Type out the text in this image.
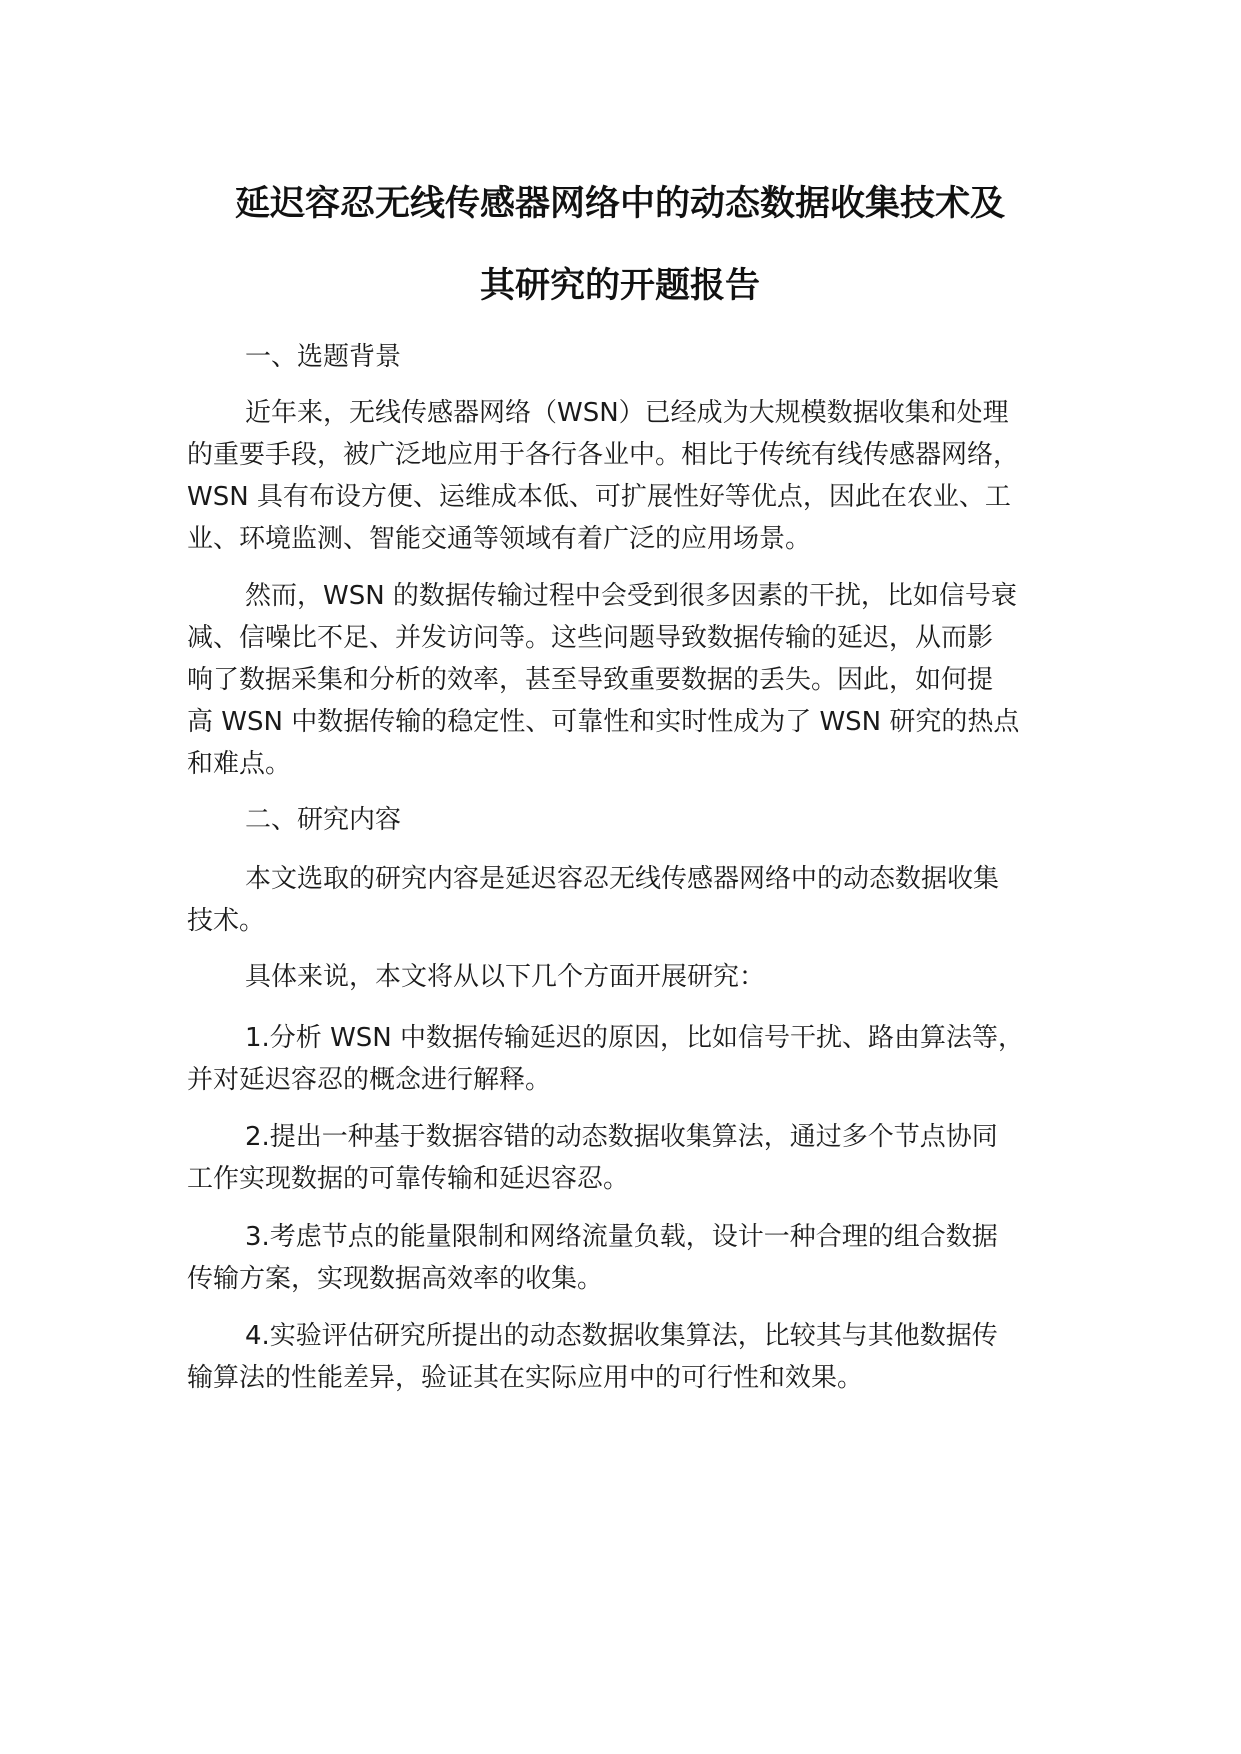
延迟容忍无线传感器网络中的动态数据收集技术及
其研究的开题报告
一、选题背景
近年来，无线传感器网络（WSN）已经成为大规模数据收集和处理
的重要手段，被广泛地应用于各行各业中。相比于传统有线传感器网络，
WSN 具有布设方便、运维成本低、可扩展性好等优点，因此在农业、工
业、环境监测、智能交通等领域有着广泛的应用场景。
然而，WSN 的数据传输过程中会受到很多因素的干扰，比如信号衰
减、信噪比不足、并发访问等。这些问题导致数据传输的延迟，从而影
响了数据采集和分析的效率，甚至导致重要数据的丢失。因此，如何提
高 WSN 中数据传输的稳定性、可靠性和实时性成为了 WSN 研究的热点
和难点。
二、研究内容
本文选取的研究内容是延迟容忍无线传感器网络中的动态数据收集
技术。
具体来说，本文将从以下几个方面开展研究：
1.分析 WSN 中数据传输延迟的原因，比如信号干扰、路由算法等，
并对延迟容忍的概念进行解释。
2.提出一种基于数据容错的动态数据收集算法，通过多个节点协同
工作实现数据的可靠传输和延迟容忍。
3.考虑节点的能量限制和网络流量负载，设计一种合理的组合数据
传输方案，实现数据高效率的收集。
4.实验评估研究所提出的动态数据收集算法，比较其与其他数据传
输算法的性能差异，验证其在实际应用中的可行性和效果。
